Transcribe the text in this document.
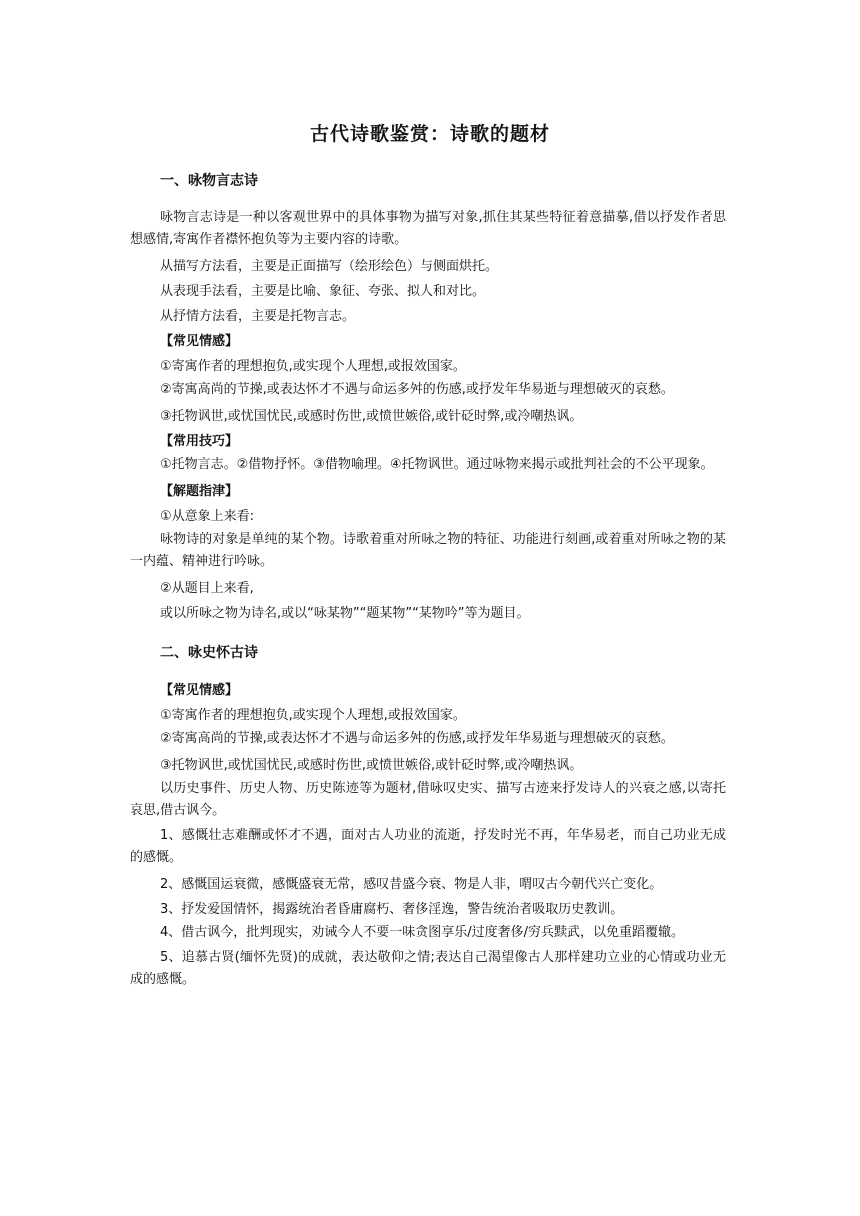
古代诗歌鉴赏：诗歌的题材
一、咏物言志诗

咏物言志诗是一种以客观世界中的具体事物为描写对象,抓住其某些特征着意描摹,借以抒发作者思想感情,寄寓作者襟怀抱负等为主要内容的诗歌。

从描写方法看，主要是正面描写（绘形绘色）与侧面烘托。

从表现手法看，主要是比喻、象征、夸张、拟人和对比。

从抒情方法看，主要是托物言志。

【常见情感】

①寄寓作者的理想抱负,或实现个人理想,或报效国家。

②寄寓高尚的节操,或表达怀才不遇与命运多舛的伤感,或抒发年华易逝与理想破灭的哀愁。

③托物讽世,或忧国忧民,或感时伤世,或愤世嫉俗,或针砭时弊,或冷嘲热讽。

【常用技巧】

①托物言志。②借物抒怀。③借物喻理。④托物讽世。通过咏物来揭示或批判社会的不公平现象。

【解题指津】

①从意象上来看:

咏物诗的对象是单纯的某个物。诗歌着重对所咏之物的特征、功能进行刻画,或着重对所咏之物的某一内蕴、精神进行吟咏。

②从题目上来看,

或以所咏之物为诗名,或以“咏某物”“题某物”“某物吟”等为题目。

二、咏史怀古诗

【常见情感】

①寄寓作者的理想抱负,或实现个人理想,或报效国家。

②寄寓高尚的节操,或表达怀才不遇与命运多舛的伤感,或抒发年华易逝与理想破灭的哀愁。

③托物讽世,或忧国忧民,或感时伤世,或愤世嫉俗,或针砭时弊,或冷嘲热讽。

以历史事件、历史人物、历史陈迹等为题材,借咏叹史实、描写古迹来抒发诗人的兴衰之感,以寄托哀思,借古讽今。

1、感慨壮志难酬或怀才不遇，面对古人功业的流逝，抒发时光不再，年华易老，而自己功业无成的感慨。

2、感慨国运衰微，感慨盛衰无常，感叹昔盛今衰、物是人非，喟叹古今朝代兴亡变化。

3、抒发爱国情怀，揭露统治者昏庸腐朽、奢侈淫逸，警告统治者吸取历史教训。

4、借古讽今，批判现实，劝诫今人不要一味贪图享乐/过度奢侈/穷兵黩武，以免重蹈覆辙。

5、追慕古贤(缅怀先贤)的成就，表达敬仰之情;表达自己渴望像古人那样建功立业的心情或功业无成的感慨。
